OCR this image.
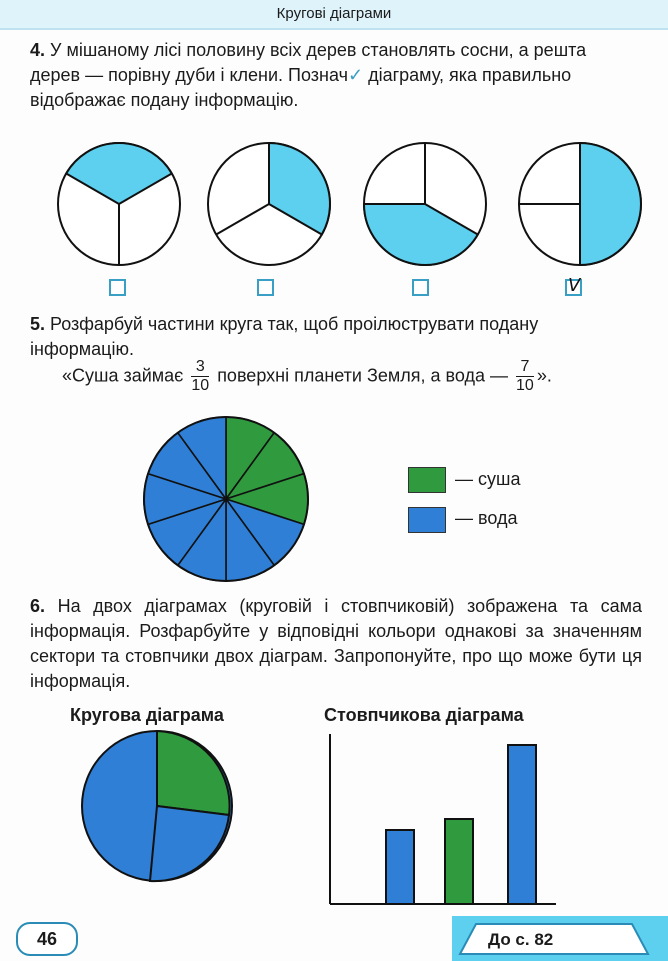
Кругові діаграми
4. У мішаному лісі половину всіх дерев становлять сосни, а решта дерев — порівну дуби і клени. Познач✓ діаграму, яка правильно відображає подану інформацію.
V
5. Розфарбуй частини круга так, щоб проілюструвати подану інформацію.
«Суша займає $\frac{3}{10}$ поверхні планети Земля, а вода — $\frac{7}{10}$ ».
— суша
— вода
6. На двох діаграмах (круговій і стовпчиковій) зображена та сама інформація. Розфарбуйте у відповідні кольори однакові за значенням сектори та стовпчики двох діаграм. Запропонуйте, про що може бути ця інформація.
Кругова діаграма	Стовпчикова діаграма
46	До с. 82
